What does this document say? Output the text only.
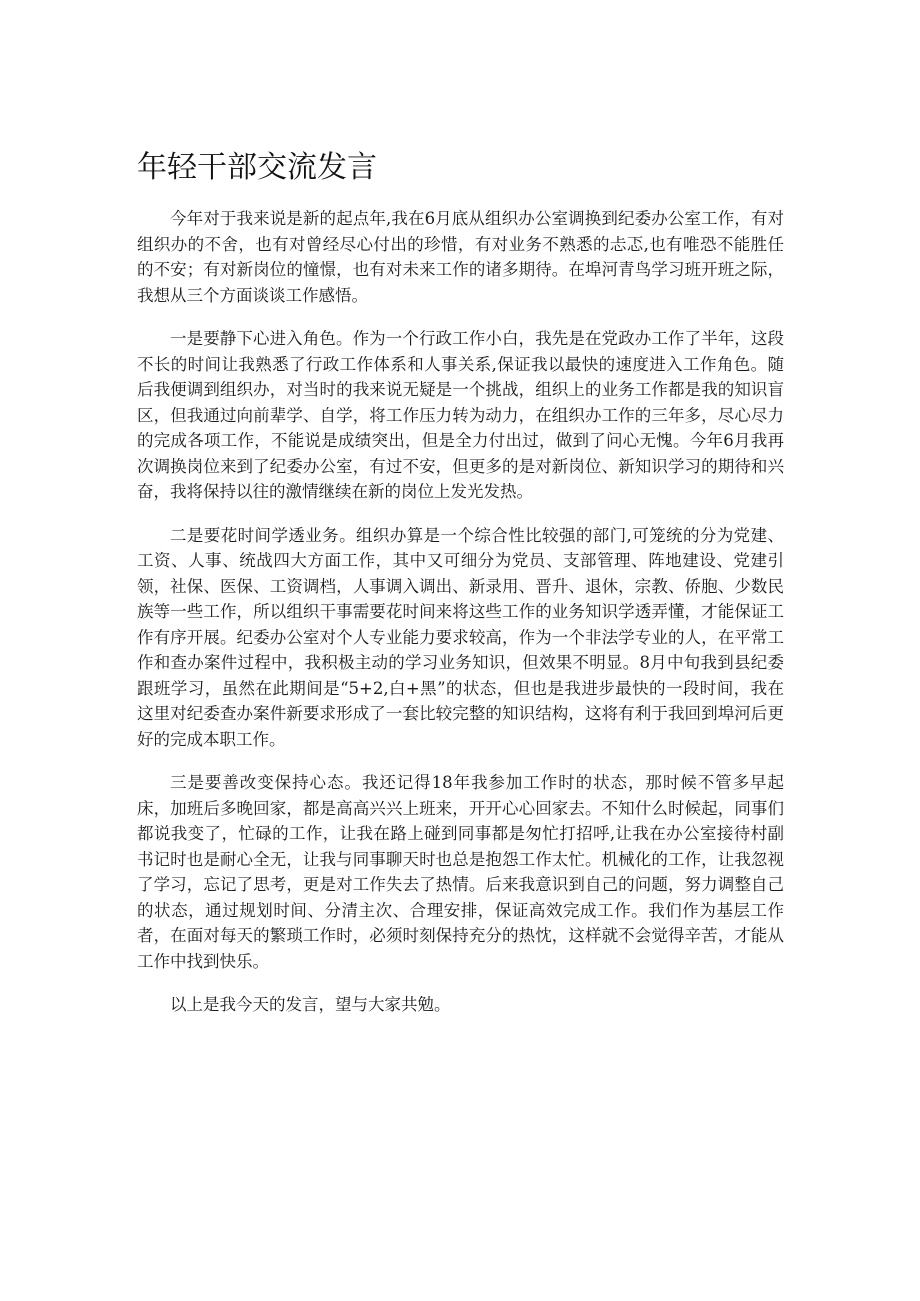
年轻干部交流发言

今年对于我来说是新的起点年,我在6月底从组织办公室调换到纪委办公室工作，有对组织办的不舍，也有对曾经尽心付出的珍惜，有对业务不熟悉的忐忑,也有唯恐不能胜任的不安；有对新岗位的憧憬，也有对未来工作的诸多期待。在埠河青鸟学习班开班之际，我想从三个方面谈谈工作感悟。

一是要静下心进入角色。作为一个行政工作小白，我先是在党政办工作了半年，这段不长的时间让我熟悉了行政工作体系和人事关系,保证我以最快的速度进入工作角色。随后我便调到组织办，对当时的我来说无疑是一个挑战，组织上的业务工作都是我的知识盲区，但我通过向前辈学、自学，将工作压力转为动力，在组织办工作的三年多，尽心尽力的完成各项工作，不能说是成绩突出，但是全力付出过，做到了问心无愧。今年6月我再次调换岗位来到了纪委办公室，有过不安，但更多的是对新岗位、新知识学习的期待和兴奋，我将保持以往的激情继续在新的岗位上发光发热。

二是要花时间学透业务。组织办算是一个综合性比较强的部门,可笼统的分为党建、工资、人事、统战四大方面工作，其中又可细分为党员、支部管理、阵地建设、党建引领，社保、医保、工资调档，人事调入调出、新录用、晋升、退休，宗教、侨胞、少数民族等一些工作，所以组织干事需要花时间来将这些工作的业务知识学透弄懂，才能保证工作有序开展。纪委办公室对个人专业能力要求较高，作为一个非法学专业的人，在平常工作和查办案件过程中，我积极主动的学习业务知识，但效果不明显。8月中旬我到县纪委跟班学习，虽然在此期间是“5+2,白+黑”的状态，但也是我进步最快的一段时间，我在这里对纪委查办案件新要求形成了一套比较完整的知识结构，这将有利于我回到埠河后更好的完成本职工作。

三是要善改变保持心态。我还记得18年我参加工作时的状态，那时候不管多早起床，加班后多晚回家，都是高高兴兴上班来，开开心心回家去。不知什么时候起，同事们都说我变了，忙碌的工作，让我在路上碰到同事都是匆忙打招呼,让我在办公室接待村副书记时也是耐心全无，让我与同事聊天时也总是抱怨工作太忙。机械化的工作，让我忽视了学习，忘记了思考，更是对工作失去了热情。后来我意识到自己的问题，努力调整自己的状态，通过规划时间、分清主次、合理安排，保证高效完成工作。我们作为基层工作者，在面对每天的繁琐工作时，必须时刻保持充分的热忱，这样就不会觉得辛苦，才能从工作中找到快乐。

以上是我今天的发言，望与大家共勉。
